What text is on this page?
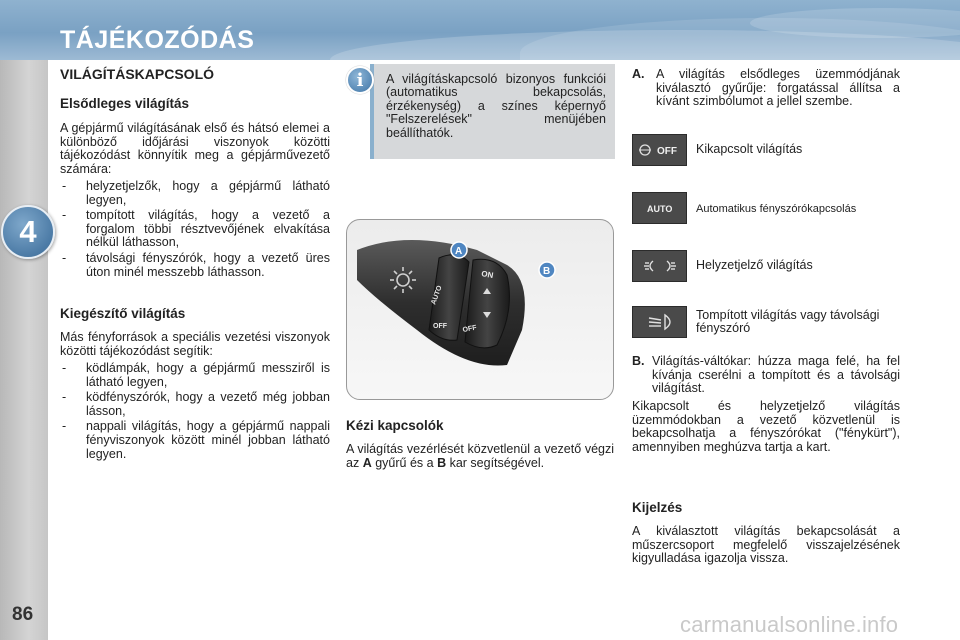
TÁJÉKOZÓDÁS
4
86
VILÁGÍTÁSKAPCSOLÓ
Elsődleges világítás
A gépjármű világításának első és hátsó elemei a különböző időjárási viszonyok közötti tájékozódást könnyítik meg a gépjárművezető számára:
- helyzetjelzők, hogy a gépjármű látható legyen,
- tompított világítás, hogy a vezető a forgalom többi résztvevőjének elvakítása nélkül láthasson,
- távolsági fényszórók, hogy a vezető üres úton minél messzebb láthasson.
Kiegészítő világítás
Más fényforrások a speciális vezetési viszonyok közötti tájékozódást segítik:
- ködlámpák, hogy a gépjármű messziről is látható legyen,
- ködfényszórók, hogy a vezető még jobban lásson,
- nappali világítás, hogy a gépjármű nappali fényviszonyok között minél jobban látható legyen.
i	A világításkapcsoló bizonyos funkciói (automatikus bekapcsolás, érzékenység) a színes képernyő "Felszerelések" menüjében beállíthatók.
ON
AUTO
OFF OFF
A
B
Kézi kapcsolók
A világítás vezérlését közvetlenül a vezető végzi az A gyűrű és a B kar segítségével.
A. A világítás elsődleges üzemmódjának kiválasztó gyűrűje: forgatással állítsa a kívánt szimbólumot a jellel szembe.
OFF Kikapcsolt világítás
AUTO Automatikus fényszórókapcsolás
Helyzetjelző világítás
Tompított világítás vagy távolsági fényszóró
B. Világítás-váltókar: húzza maga felé, ha fel kívánja cserélni a tompított és a távolsági világítást.
Kikapcsolt és helyzetjelző világítás üzemmódokban a vezető közvetlenül is bekapcsolhatja a fényszórókat ("fénykürt"), amennyiben meghúzva tartja a kart.
Kijelzés
A kiválasztott világítás bekapcsolását a műszercsoport megfelelő visszajelzésének kigyulladása igazolja vissza.
carmanualsonline.info
